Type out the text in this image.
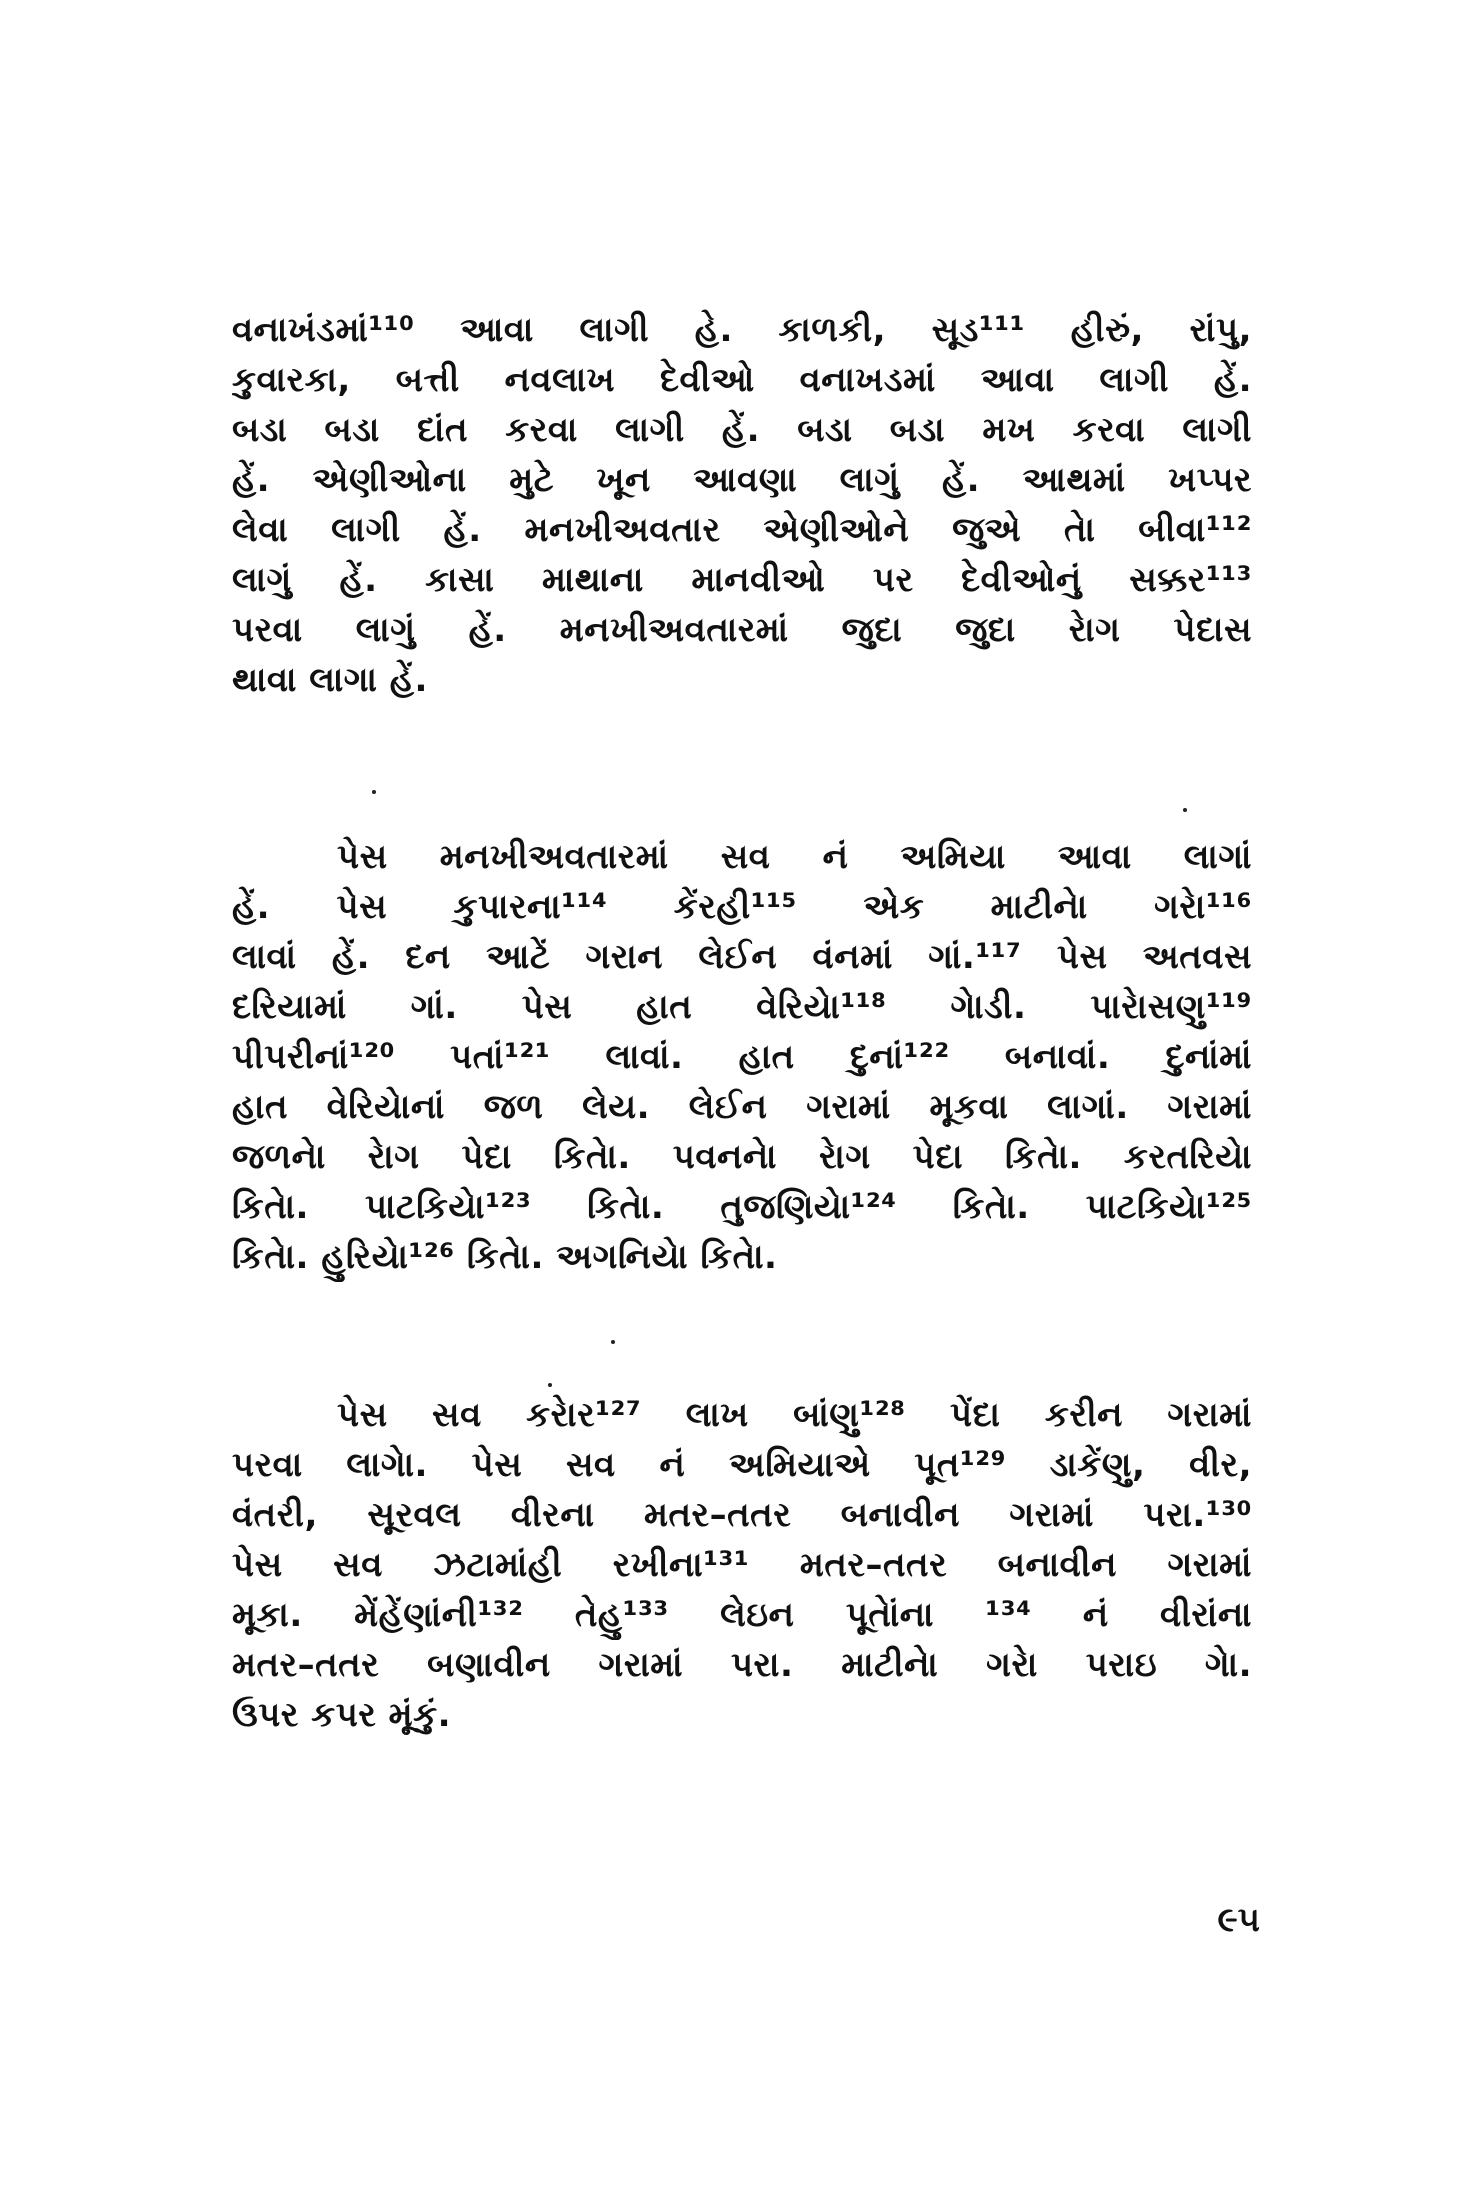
વનાખંડમાં¹¹⁰ આવા લાગી હે. કાળકી, સૂડ¹¹¹ હીરું, રાંપુ,
કુવારકા, બત્તી નવલાખ દેવીઓ વનાખડમાં આવા લાગી હેં.
બડા બડા દાંત કરવા લાગી હેં. બડા બડા મખ કરવા લાગી
હેં. એણીઓના મુટે ખૂન આવણા લાગું હેં. આથમાં ખપ્પર
લેવા લાગી હેં. મનખીઅવતાર એણીઓને જુએ તેા બીવા¹¹²
લાગું હેં. કાસા માથાના માનવીઓ પર દેવીઓનું સક્કર¹¹³
પરવા લાગું હેં. મનખીઅવતારમાં જુદા જુદા રેાગ પેદાસ
થાવા લાગા હેં.
પેસ મનખીઅવતારમાં સવ નં અમિયા આવા લાગાં
હેં. પેસ કુપારના¹¹⁴ કેંરહી¹¹⁵ એક માટીનેા ગરેા¹¹⁶
લાવાં હેં. દન આટેં ગરાન લેઈન વંનમાં ગાં.¹¹⁷ પેસ અતવસ
દરિયામાં ગાં. પેસ હાત વેરિયેા¹¹⁸ ગેાડી. પારેાસણુ¹¹⁹
પીપરીનાં¹²⁰ પતાં¹²¹ લાવાં. હાત દુનાં¹²² બનાવાં. દુનાંમાં
હાત વેરિયેાનાં જળ લેય. લેઈન ગરામાં મૂકવા લાગાં. ગરામાં
જળનેા રેાગ પેદા કિતેા. પવનનેા રેાગ પેદા કિતેા. કરતરિયેા
કિતેા. પાટકિયેા¹²³ કિતેા. તુજણિયેા¹²⁴ કિતેા. પાટકિયેા¹²⁵
કિતેા. હુરિયેા¹²⁶ કિતેા. અગનિયેા કિતેા.
પેસ સવ કરેાર¹²⁷ લાખ બાંણુ¹²⁸ પેંદા કરીન ગરામાં
પરવા લાગેા. પેસ સવ નં અમિયાએ પૂત¹²⁹ ડાકેંણુ, વીર,
વંતરી, સૂરવલ વીરના મતર–તતર બનાવીન ગરામાં પરા.¹³⁰
પેસ સવ ઝટામાંહી રખીના¹³¹ મતર–તતર બનાવીન ગરામાં
મૂકા. મેંહેંણાંની¹³² તેહુ¹³³ લેઇન પૂતેાંના ¹³⁴ નં વીરાંના
મતર–તતર બણાવીન ગરામાં પરા. માટીનેા ગરેા પરાઇ ગેા.
ઉપર કપર મૂંકું.
૯૫
